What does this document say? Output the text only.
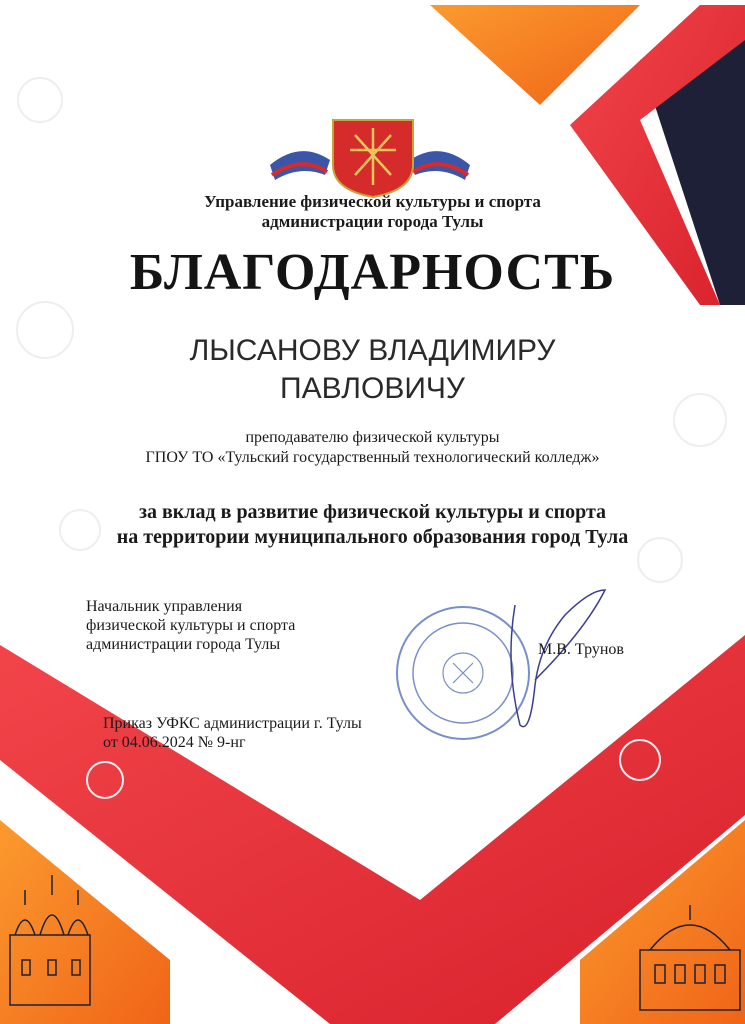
Управление физической культуры и спорта
администрации города Тулы
БЛАГОДАРНОСТЬ
ЛЫСАНОВУ ВЛАДИМИРУ
ПАВЛОВИЧУ
преподавателю физической культуры
ГПОУ ТО «Тульский государственный технологический колледж»
за вклад в развитие физической культуры и спорта
на территории муниципального образования город Тула
Начальник управления
физической культуры и спорта
администрации города Тулы	М.В. Трунов
Приказ УФКС администрации г. Тулы
от 04.06.2024 № 9-нг
